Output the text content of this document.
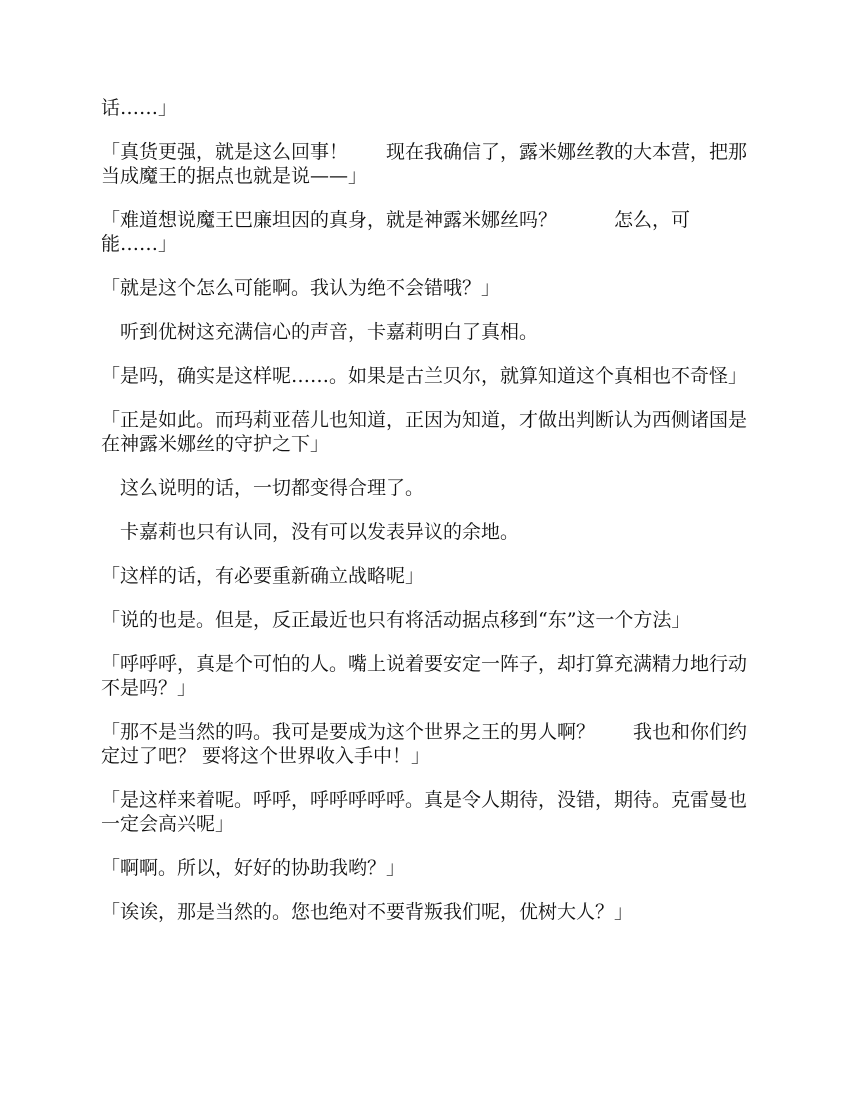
话……」

「真货更强，就是这么回事！　　现在我确信了，露米娜丝教的大本营，把那当成魔王的据点也就是说——」

「难道想说魔王巴廉坦因的真身，就是神露米娜丝吗？　　　怎么，可能……」

「就是这个怎么可能啊。我认为绝不会错哦？」

　听到优树这充满信心的声音，卡嘉莉明白了真相。

「是吗，确实是这样呢……。如果是古兰贝尔，就算知道这个真相也不奇怪」

「正是如此。而玛莉亚蓓儿也知道，正因为知道，才做出判断认为西侧诸国是在神露米娜丝的守护之下」

　这么说明的话，一切都变得合理了。

　卡嘉莉也只有认同，没有可以发表异议的余地。

「这样的话，有必要重新确立战略呢」

「说的也是。但是，反正最近也只有将活动据点移到“东”这一个方法」

「呼呼呼，真是个可怕的人。嘴上说着要安定一阵子，却打算充满精力地行动不是吗？」

「那不是当然的吗。我可是要成为这个世界之王的男人啊？　　我也和你们约定过了吧？ 要将这个世界收入手中！」

「是这样来着呢。呼呼，呼呼呼呼呼。真是令人期待，没错，期待。克雷曼也一定会高兴呢」

「啊啊。所以，好好的协助我哟？」

「诶诶，那是当然的。您也绝对不要背叛我们呢，优树大人？」
